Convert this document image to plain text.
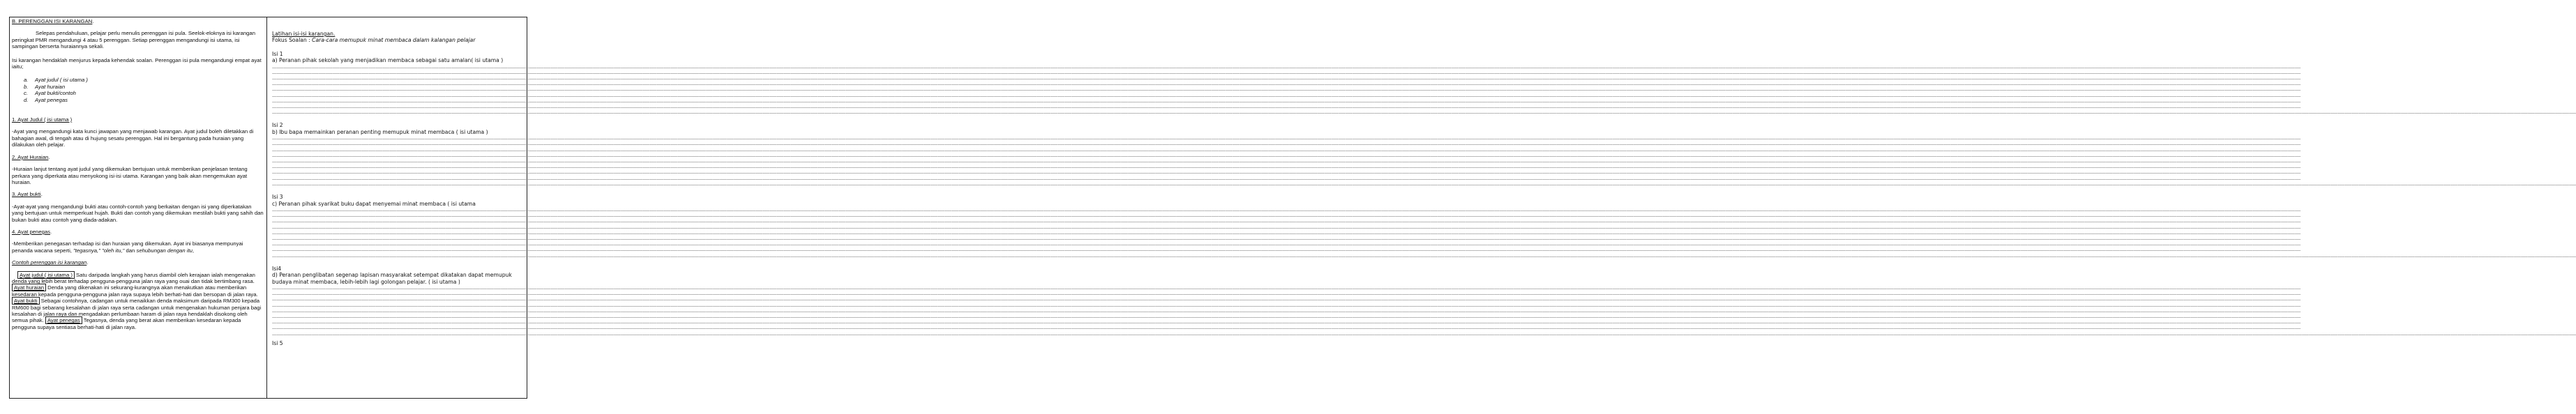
B. PERENGGAN ISI KARANGAN.

Selepas pendahuluan, pelajar perlu menulis perenggan isi pula. Seelok-eloknya isi karangan peringkat PMR mengandungi 4 atau 5 perenggan. Setiap perenggan mengandungi isi utama, isi sampingan berserta huraiannya sekali.

Isi karangan hendaklah menjurus kepada kehendak soalan. Perenggan isi pula mengandungi empat ayat iaitu;

a. Ayat judul ( isi utama )
b. Ayat huraian
c. Ayat bukti/contoh
d. Ayat penegas

1. Ayat Judul ( isi utama )

-Ayat yang mengandungi kata kunci jawapan yang menjawab karangan. Ayat judul boleh diletakkan di bahagian awal, di tengah atau di hujung sesatu perenggan. Hal ini bergantung pada huraian yang dilakukan oleh pelajar.

2. Ayat Huraian.

-Huraian lanjut tentang ayat judul yang dikemukan bertujuan untuk memberikan penjelasan tentang perkara yang diperkata atau menyokong isi-isi utama. Karangan yang baik akan mengemukan ayat huraian.

3. Ayat bukti.

-Ayat-ayat yang mengandungi bukti atau contoh-contoh yang berkaitan dengan isi yang diperkatakan yang bertujuan untuk memperkuat hujah. Bukti dan contoh yang dikemukan mestilah bukti yang sahih dan bukan bukti atau contoh yang diada-adakan.

4. Ayat penegas.

-Memberikan penegasan terhadap isi dan huraian yang dikemukan. Ayat ini biasanya mempunyai penanda wacana seperti, "tegasnya," "oleh itu," dan sehubungan dengan itu,

Contoh perenggan isi karangan.

Ayat judul ( isi utama ) Satu daripada langkah yang harus diambil oleh kerajaan ialah mengenakan denda yang lebih berat terhadap pengguna-pengguna jalan raya yang ouai dan tidak bertimbang rasa. Ayat huraian Denda yang dikenakan ini sekurang-kurangnya akan menakutkan atau memberikan kesedaran kepada pengguna-pengguna jalan raya supaya lebih berhati-hati dan bersopan di jalan raya. Ayat bukti Sebagai contohnya, cadangan untuk menaikkan denda maksimum daripada RM300 kepada RM600 bagi sebarang kesalahan di jalan raya serta cadangan untuk mengenakan hukuman penjara bagi kesalahan di jalan raya dan mengadakan perlumbaan haram di jalan raya hendaklah disokong oleh semua pihak. Ayat penegas Tegasnya, denda yang berat akan memberikan kesedaran kepada pengguna supaya sentiasa berhati-hati di jalan raya.

Latihan isi-isi karangan.

Fokus Soalan : Cara-cara memupuk minat membaca dalam kalangan pelajar

Isi 1

a) Peranan pihak sekolah yang menjadikan membaca sebagai satu amalan( isi utama )

............................................................................................................................................................................................................................................................................................................................................................................................................................................................................................................................................................................................................................................................................................................................................................................................................................................................................................................................................................................................................................................................................................................................................................................................................................................................................................................................................................................................................................................................................................
............................................................................................................................................................................................................................................................................................................................................................................................................................................................................................................................................................................................................................................................................................................................................................................................................................................................................................................................................................................................................................................................................................................................................................................................................................................................................................................................................................................................................................................................................................
............................................................................................................................................................................................................................................................................................................................................................................................................................................................................................................................................................................................................................................................................................................................................................................................................................................................................................................................................................................................................................................................................................................................................................................................................................................................................................................................................................................................................................................................................................
............................................................................................................................................................................................................................................................................................................................................................................................................................................................................................................................................................................................................................................................................................................................................................................................................................................................................................................................................................................................................................................................................................................................................................................................................................................................................................................................................................................................................................................................................................
............................................................................................................................................................................................................................................................................................................................................................................................................................................................................................................................................................................................................................................................................................................................................................................................................................................................................................................................................................................................................................................................................................................................................................................................................................................................................................................................................................................................................................................................................................
............................................................................................................................................................................................................................................................................................................................................................................................................................................................................................................................................................................................................................................................................................................................................................................................................................................................................................................................................................................................................................................................................................................................................................................................................................................................................................................................................................................................................................................................................................
............................................................................................................................................................................................................................................................................................................................................................................................................................................................................................................................................................................................................................................................................................................................................................................................................................................................................................................................................................................................................................................................................................................................................................................................................................................................................................................................................................................................................................................................................................
............................................................................................................................................................................................................................................................................................................................................................................................................................................................................................................................................................................................................................................................................................................................................................................................................................................................................................................................................................................................................................................................................................................................................................................................................................................................................................................................................................................................................................................................................................
...............................................................................................................................................................................................................................................................................................................................................................................................................................................................................................................................................................................................................................................................................................................................................................................................................................................................................................................................................................................................................................................................................................................................................................................................................................................................................................................................................................................................................................................................................................................................................................................................................................................................................................

Isi 2

b) Ibu bapa memainkan peranan penting memupuk minat membaca ( isi utama )

............................................................................................................................................................................................................................................................................................................................................................................................................................................................................................................................................................................................................................................................................................................................................................................................................................................................................................................................................................................................................................................................................................................................................................................................................................................................................................................................................................................................................................................................................................
............................................................................................................................................................................................................................................................................................................................................................................................................................................................................................................................................................................................................................................................................................................................................................................................................................................................................................................................................................................................................................................................................................................................................................................................................................................................................................................................................................................................................................................................................................
............................................................................................................................................................................................................................................................................................................................................................................................................................................................................................................................................................................................................................................................................................................................................................................................................................................................................................................................................................................................................................................................................................................................................................................................................................................................................................................................................................................................................................................................................................
............................................................................................................................................................................................................................................................................................................................................................................................................................................................................................................................................................................................................................................................................................................................................................................................................................................................................................................................................................................................................................................................................................................................................................................................................................................................................................................................................................................................................................................................................................
............................................................................................................................................................................................................................................................................................................................................................................................................................................................................................................................................................................................................................................................................................................................................................................................................................................................................................................................................................................................................................................................................................................................................................................................................................................................................................................................................................................................................................................................................................
............................................................................................................................................................................................................................................................................................................................................................................................................................................................................................................................................................................................................................................................................................................................................................................................................................................................................................................................................................................................................................................................................................................................................................................................................................................................................................................................................................................................................................................................................................
............................................................................................................................................................................................................................................................................................................................................................................................................................................................................................................................................................................................................................................................................................................................................................................................................................................................................................................................................................................................................................................................................................................................................................................................................................................................................................................................................................................................................................................................................................
............................................................................................................................................................................................................................................................................................................................................................................................................................................................................................................................................................................................................................................................................................................................................................................................................................................................................................................................................................................................................................................................................................................................................................................................................................................................................................................................................................................................................................................................................................
...............................................................................................................................................................................................................................................................................................................................................................................................................................................................................................................................................................................................................................................................................................................................................................................................................................................................................................................................................................................................................................................................................................................................................................................................................................................................................................................................................................................................................................................................................................................................................................................................................................................................................................

Isi 3

c) Peranan pihak syarikat buku dapat menyemai minat membaca ( isi utama

............................................................................................................................................................................................................................................................................................................................................................................................................................................................................................................................................................................................................................................................................................................................................................................................................................................................................................................................................................................................................................................................................................................................................................................................................................................................................................................................................................................................................................................................................................
............................................................................................................................................................................................................................................................................................................................................................................................................................................................................................................................................................................................................................................................................................................................................................................................................................................................................................................................................................................................................................................................................................................................................................................................................................................................................................................................................................................................................................................................................................
............................................................................................................................................................................................................................................................................................................................................................................................................................................................................................................................................................................................................................................................................................................................................................................................................................................................................................................................................................................................................................................................................................................................................................................................................................................................................................................................................................................................................................................................................................
............................................................................................................................................................................................................................................................................................................................................................................................................................................................................................................................................................................................................................................................................................................................................................................................................................................................................................................................................................................................................................................................................................................................................................................................................................................................................................................................................................................................................................................................................................
............................................................................................................................................................................................................................................................................................................................................................................................................................................................................................................................................................................................................................................................................................................................................................................................................................................................................................................................................................................................................................................................................................................................................................................................................................................................................................................................................................................................................................................................................................
............................................................................................................................................................................................................................................................................................................................................................................................................................................................................................................................................................................................................................................................................................................................................................................................................................................................................................................................................................................................................................................................................................................................................................................................................................................................................................................................................................................................................................................................................................
............................................................................................................................................................................................................................................................................................................................................................................................................................................................................................................................................................................................................................................................................................................................................................................................................................................................................................................................................................................................................................................................................................................................................................................................................................................................................................................................................................................................................................................................................................
............................................................................................................................................................................................................................................................................................................................................................................................................................................................................................................................................................................................................................................................................................................................................................................................................................................................................................................................................................................................................................................................................................................................................................................................................................................................................................................................................................................................................................................................................................
...............................................................................................................................................................................................................................................................................................................................................................................................................................................................................................................................................................................................................................................................................................................................................................................................................................................................................................................................................................................................................................................................................................................................................................................................................................................................................................................................................................................................................................................................................................................................................................................................................................................................................................

Isi4

d) Peranan penglibatan segenap lapisan masyarakat setempat dikatakan dapat memupuk budaya minat membaca, lebih-lebih lagi golongan pelajar. ( isi utama )

............................................................................................................................................................................................................................................................................................................................................................................................................................................................................................................................................................................................................................................................................................................................................................................................................................................................................................................................................................................................................................................................................................................................................................................................................................................................................................................................................................................................................................................................................................
............................................................................................................................................................................................................................................................................................................................................................................................................................................................................................................................................................................................................................................................................................................................................................................................................................................................................................................................................................................................................................................................................................................................................................................................................................................................................................................................................................................................................................................................................................
............................................................................................................................................................................................................................................................................................................................................................................................................................................................................................................................................................................................................................................................................................................................................................................................................................................................................................................................................................................................................................................................................................................................................................................................................................................................................................................................................................................................................................................................................................
............................................................................................................................................................................................................................................................................................................................................................................................................................................................................................................................................................................................................................................................................................................................................................................................................................................................................................................................................................................................................................................................................................................................................................................................................................................................................................................................................................................................................................................................................................
............................................................................................................................................................................................................................................................................................................................................................................................................................................................................................................................................................................................................................................................................................................................................................................................................................................................................................................................................................................................................................................................................................................................................................................................................................................................................................................................................................................................................................................................................................
............................................................................................................................................................................................................................................................................................................................................................................................................................................................................................................................................................................................................................................................................................................................................................................................................................................................................................................................................................................................................................................................................................................................................................................................................................................................................................................................................................................................................................................................................................
............................................................................................................................................................................................................................................................................................................................................................................................................................................................................................................................................................................................................................................................................................................................................................................................................................................................................................................................................................................................................................................................................................................................................................................................................................................................................................................................................................................................................................................................................................
............................................................................................................................................................................................................................................................................................................................................................................................................................................................................................................................................................................................................................................................................................................................................................................................................................................................................................................................................................................................................................................................................................................................................................................................................................................................................................................................................................................................................................................................................................
...............................................................................................................................................................................................................................................................................................................................................................................................................................................................................................................................................................................................................................................................................................................................................................................................................................................................................................................................................................................................................................................................................................................................................................................................................................................................................................................................................................................................................................................................................................................................................................................................................................................................................................

Isi 5
